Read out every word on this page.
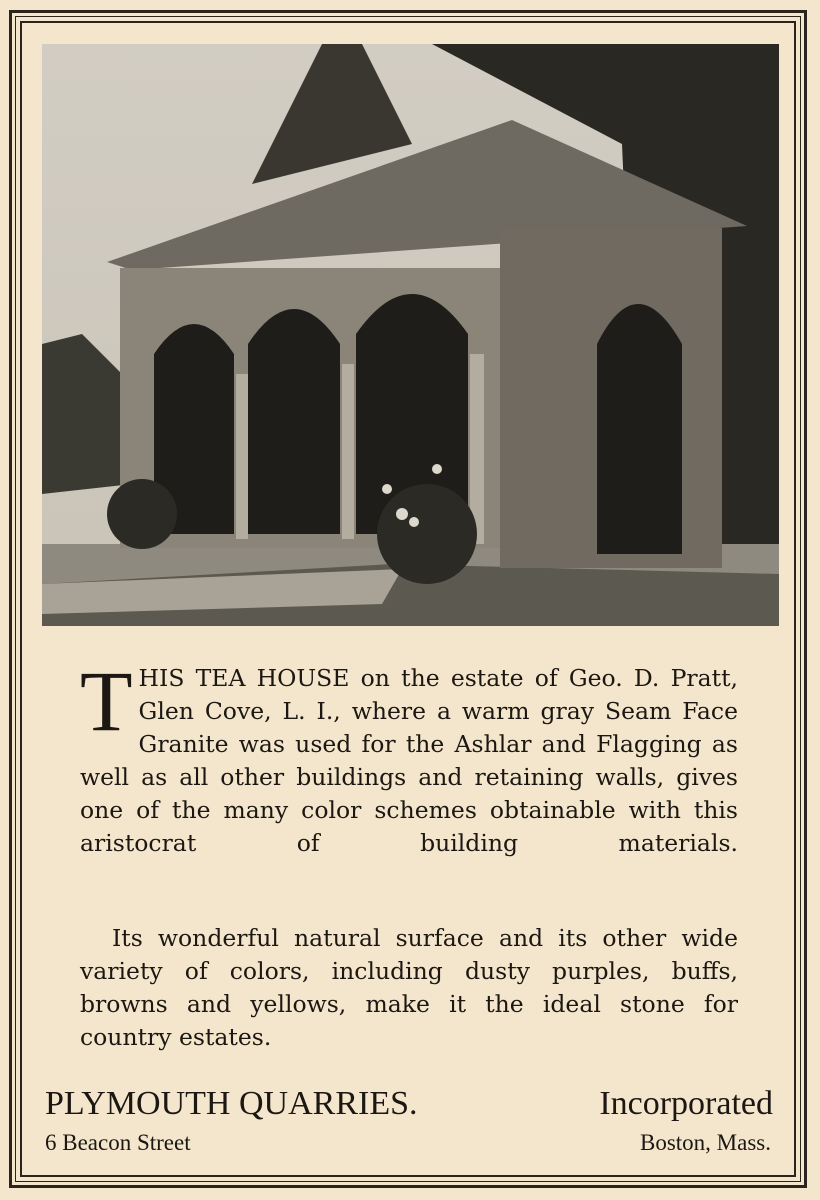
THIS TEA HOUSE on the estate of Geo. D. Pratt, Glen Cove, L. I., where a warm gray Seam Face Granite was used for the Ashlar and Flagging as well as all other buildings and retaining walls, gives one of the many color schemes obtainable with this aristocrat of building materials.
Its wonderful natural surface and its other wide variety of colors, including dusty purples, buffs, browns and yellows, make it the ideal stone for country estates.
PLYMOUTH QUARRIES.	Incorporated
6 Beacon Street	Boston, Mass.
